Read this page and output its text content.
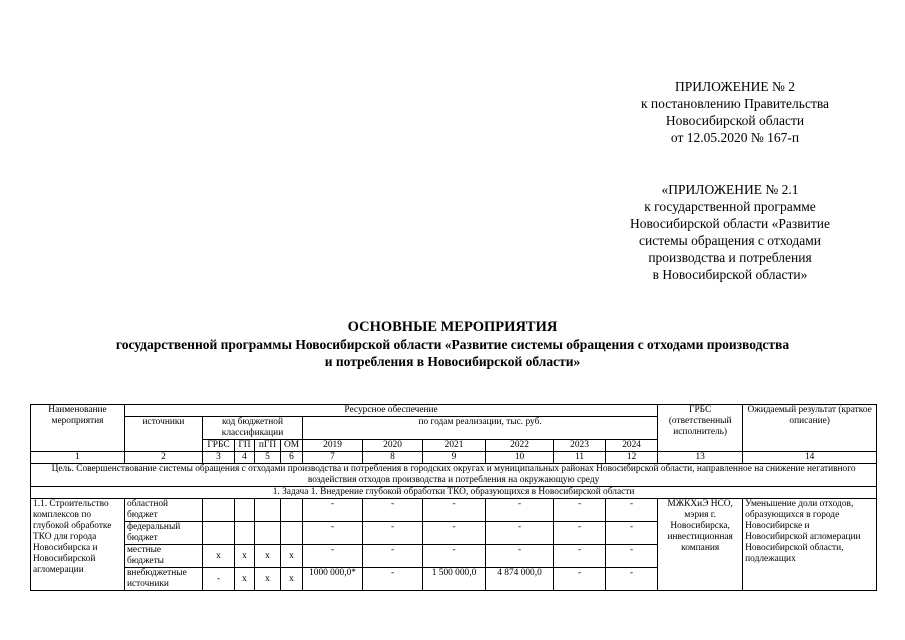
ПРИЛОЖЕНИЕ № 2
к постановлению Правительства
Новосибирской области
от 12.05.2020 № 167-п
«ПРИЛОЖЕНИЕ № 2.1
к государственной программе
Новосибирской области «Развитие
системы обращения с отходами
производства и потребления
в Новосибирской области»
ОСНОВНЫЕ МЕРОПРИЯТИЯ
государственной программы Новосибирской области «Развитие системы обращения с отходами производства
и потребления в Новосибирской области»
Наименование мероприятия	Ресурсное обеспечение											ГРБС (ответственный исполнитель)	Ожидаемый результат (краткое описание)
	источники	код бюджетной классификации				по годам реализации, тыс. руб.							
		ГРБС	ГП	пГП	ОМ	2019	2020	2021	2022	2023	2024		
1	2	3	4	5	6	7	8	9	10	11	12	13	14
Цель. Совершенствование системы обращения с отходами производства и потребления в городских округах и муниципальных районах Новосибирской области, направленное на снижение негативного воздействия отходов производства и потребления на окружающую среду													
1. Задача 1. Внедрение глубокой обработки ТКО, образующихся в Новосибирской области													
1.1. Строительство комплексов по глубокой обработке ТКО для города Новосибирска и Новосибирской агломерации	областной бюджет					-	-	-	-	-	-	МЖКХиЭ НСО, мэрия г. Новосибирска, инвестиционная компания	Уменьшение доли отходов, образующихся в городе Новосибирске и Новосибирской агломерации Новосибирской области, подлежащих
	федеральный бюджет					-	-	-	-	-	-		
	местные бюджеты	х	х	х	х	-	-	-	-	-	-		
	внебюджетные источники	-	х	х	х	1000 000,0*	-	1 500 000,0	4 874 000,0	-	-		
